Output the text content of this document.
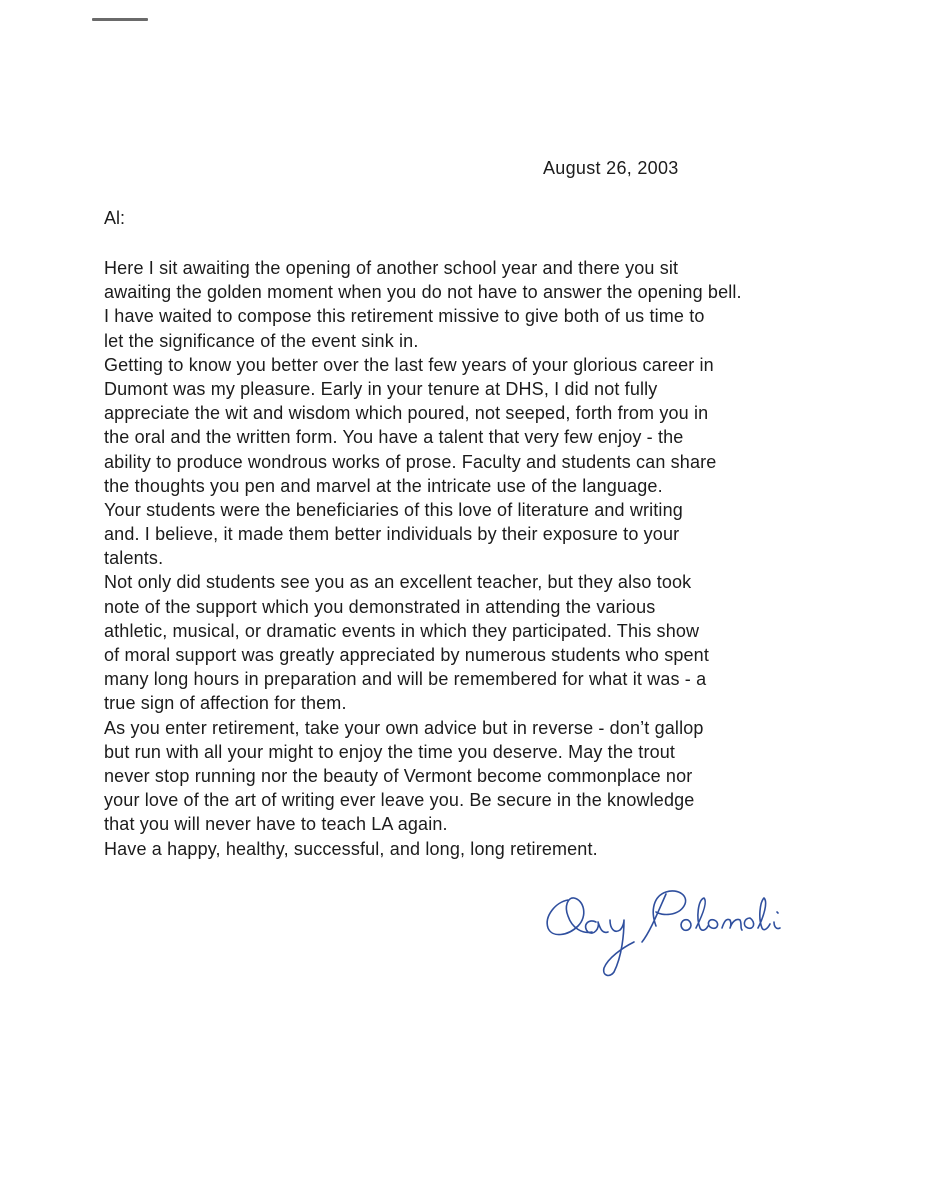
August 26, 2003
Al:
Here I sit awaiting the opening of another school year and there you sit
awaiting the golden moment when you do not have to answer the opening bell.
I have waited to compose this retirement missive to give both of us time to
let the significance of the event sink in.
Getting to know you better over the last few years of your glorious career in
Dumont was my pleasure. Early in your tenure at DHS, I did not fully
appreciate the wit and wisdom which poured, not seeped, forth from you in
the oral and the written form. You have a talent that very few enjoy - the
ability to produce wondrous works of prose. Faculty and students can share
the thoughts you pen and marvel at the intricate use of the language.
Your students were the beneficiaries of this love of literature and writing
and. I believe, it made them better individuals by their exposure to your
talents.
Not only did students see you as an excellent teacher, but they also took
note of the support which you demonstrated in attending the various
athletic, musical, or dramatic events in which they participated. This show
of moral support was greatly appreciated by numerous students who spent
many long hours in preparation and will be remembered for what it was - a
true sign of affection for them.
As you enter retirement, take your own advice but in reverse - don’t gallop
but run with all your might to enjoy the time you deserve. May the trout
never stop running nor the beauty of Vermont become commonplace nor
your love of the art of writing ever leave you. Be secure in the knowledge
that you will never have to teach LA again.
Have a happy, healthy, successful, and long, long retirement.
